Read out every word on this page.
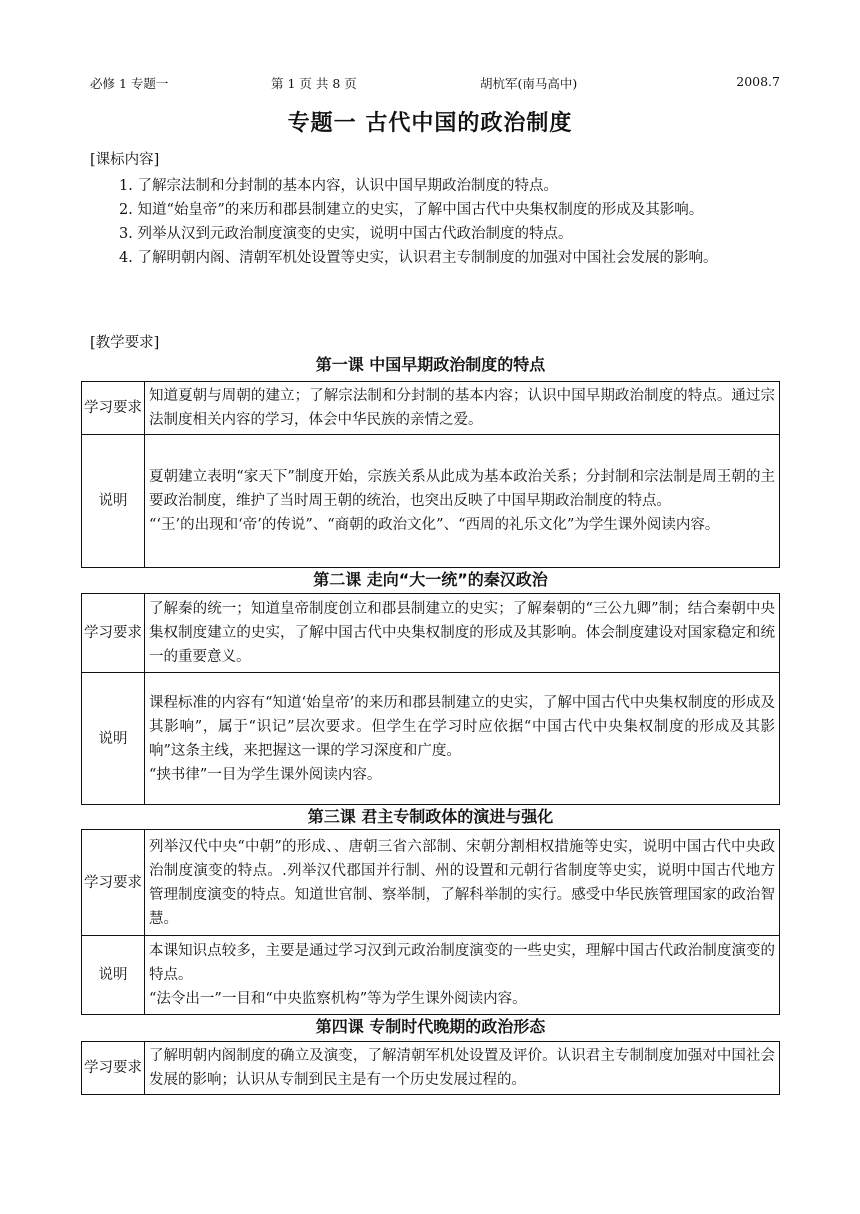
必修 1 专题一	第 1 页 共 8 页	胡杭军(南马高中)	2008.7
专题一 古代中国的政治制度
[课标内容]

1. 了解宗法制和分封制的基本内容，认识中国早期政治制度的特点。

2. 知道“始皇帝”的来历和郡县制建立的史实，了解中国古代中央集权制度的形成及其影响。

3. 列举从汉到元政治制度演变的史实，说明中国古代政治制度的特点。

4. 了解明朝内阁、清朝军机处设置等史实，认识君主专制制度的加强对中国社会发展的影响。

[教学要求]
第一课 中国早期政治制度的特点
学习要求	知道夏朝与周朝的建立；了解宗法制和分封制的基本内容；认识中国早期政治制度的特点。通过宗法制度相关内容的学习，体会中华民族的亲情之爱。
说明	夏朝建立表明“家天下”制度开始，宗族关系从此成为基本政治关系；分封制和宗法制是周王朝的主要政治制度，维护了当时周王朝的统治，也突出反映了中国早期政治制度的特点。

“‘王’的出现和‘帝’的传说”、“商朝的政治文化”、“西周的礼乐文化”为学生课外阅读内容。

第二课 走向“大一统”的秦汉政治
学习要求	了解秦的统一；知道皇帝制度创立和郡县制建立的史实；了解秦朝的“三公九卿”制；结合秦朝中央集权制度建立的史实，了解中国古代中央集权制度的形成及其影响。体会制度建设对国家稳定和统一的重要意义。
说明	课程标准的内容有“知道‘始皇帝’的来历和郡县制建立的史实，了解中国古代中央集权制度的形成及其影响”，属于“识记”层次要求。但学生在学习时应依据“中国古代中央集权制度的形成及其影响”这条主线，来把握这一课的学习深度和广度。

“挟书律”一目为学生课外阅读内容。

第三课 君主专制政体的演进与强化
学习要求	列举汉代中央“中朝”的形成、、唐朝三省六部制、宋朝分割相权措施等史实，说明中国古代中央政治制度演变的特点。.列举汉代郡国并行制、州的设置和元朝行省制度等史实，说明中国古代地方管理制度演变的特点。知道世官制、察举制，了解科举制的实行。感受中华民族管理国家的政治智慧。
说明	本课知识点较多，主要是通过学习汉到元政治制度演变的一些史实，理解中国古代政治制度演变的特点。

“法令出一”一目和“中央监察机构”等为学生课外阅读内容。

第四课 专制时代晚期的政治形态
学习要求	了解明朝内阁制度的确立及演变，了解清朝军机处设置及评价。认识君主专制制度加强对中国社会发展的影响；认识从专制到民主是有一个历史发展过程的。
